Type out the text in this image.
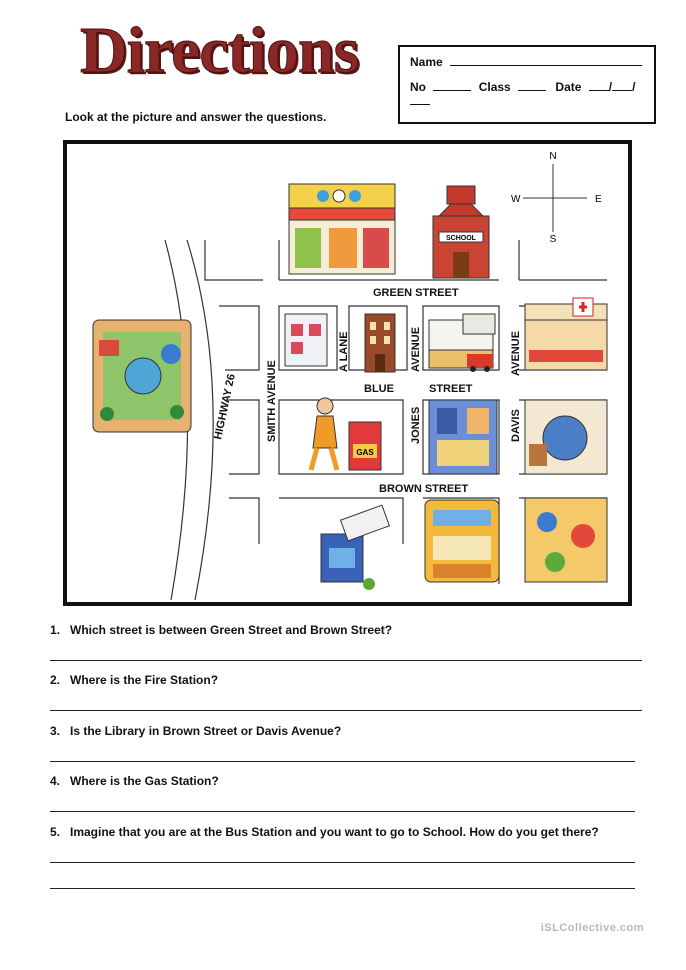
Directions	Name
No	Class	Date / /
Look at the picture and answer the questions.
N
S
E
W
SCHOOL
GAS
GREEN STREET
BLUE	STREET
BROWN STREET
HIGHWAY 26	SMITH AVENUE
A LANE	AVENUE	AVENUE
JONES	DAVIS
1. Which street is between Green Street and Brown Street?
2. Where is the Fire Station?
3. Is the Library in Brown Street or Davis Avenue?
4. Where is the Gas Station?
5. Imagine that you are at the Bus Station and you want to go to School. How do you get there?
iSLCollective.com
